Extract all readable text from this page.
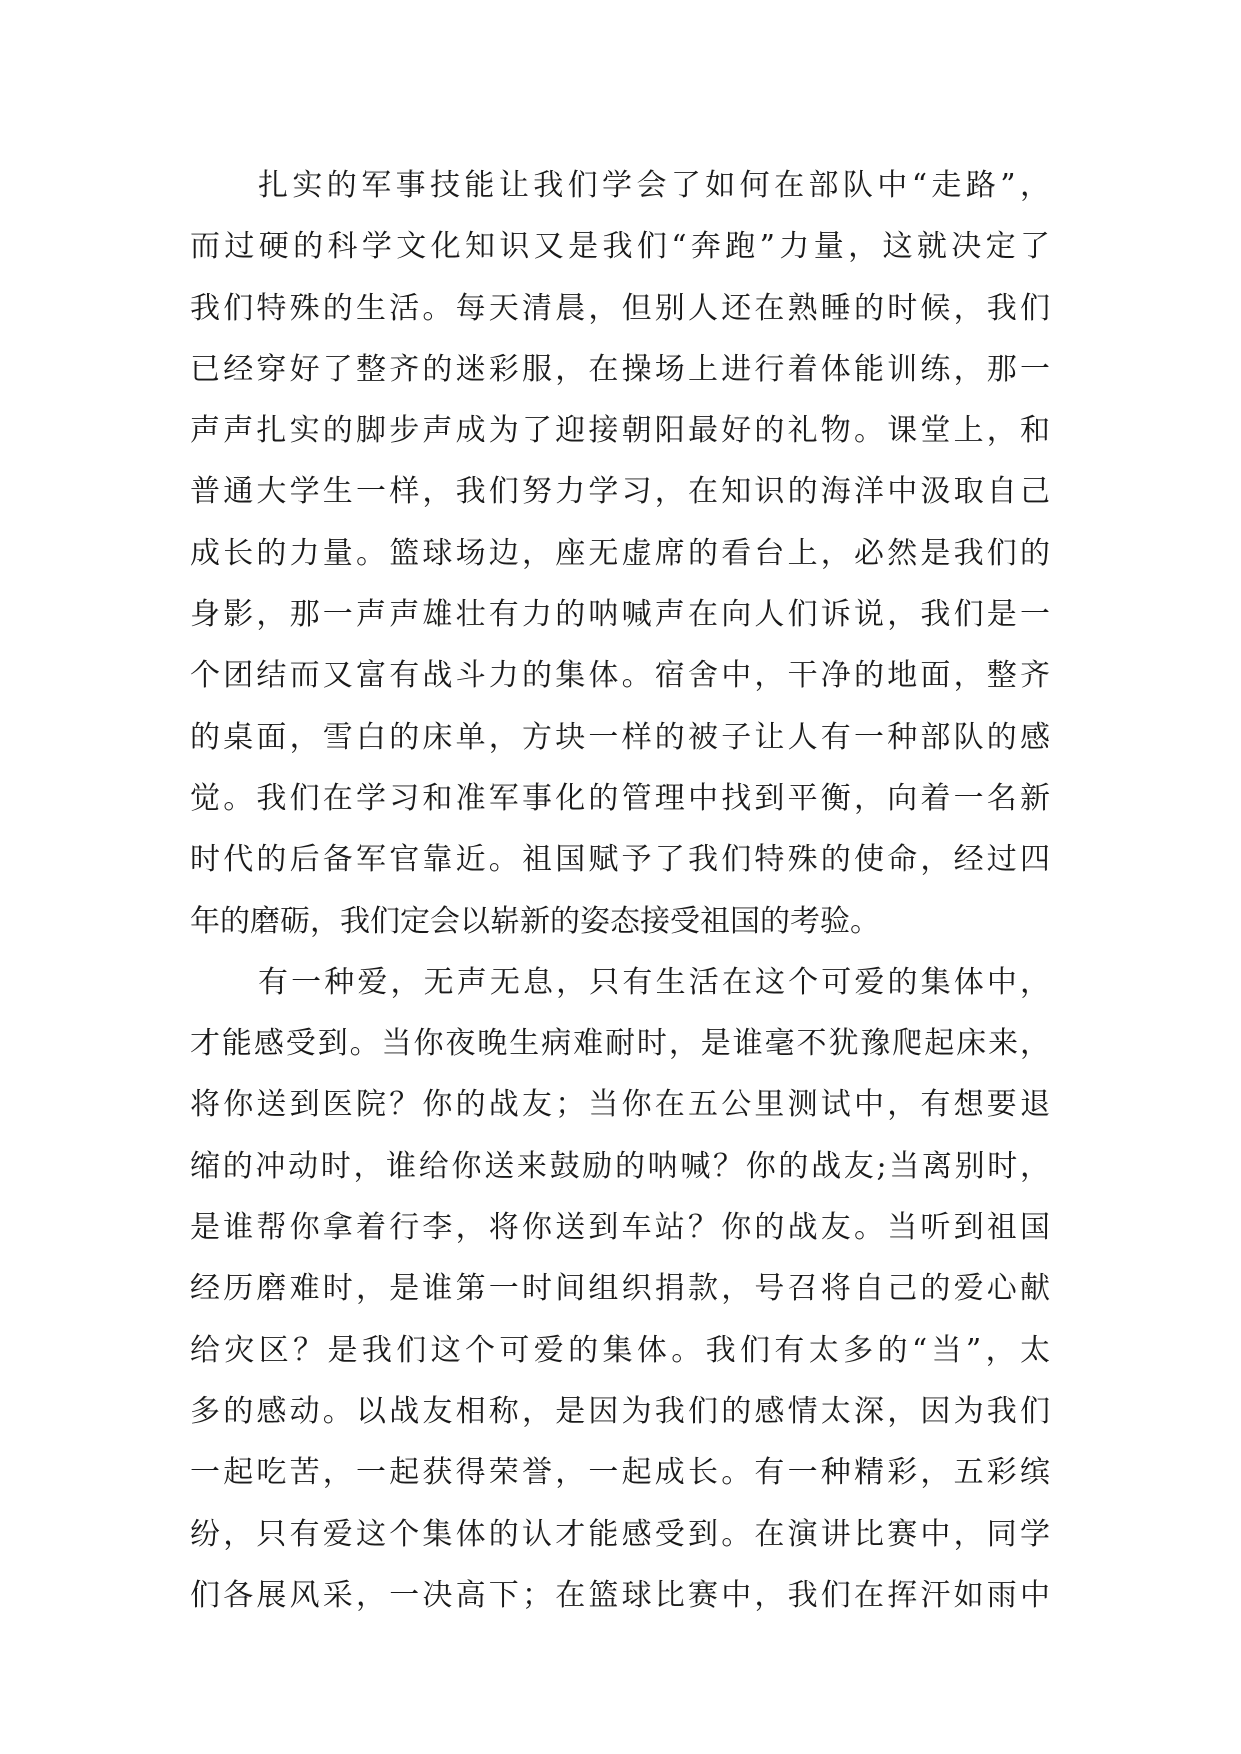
扎实的军事技能让我们学会了如何在部队中“走路”，
而过硬的科学文化知识又是我们“奔跑”力量，这就决定了
我们特殊的生活。每天清晨，但别人还在熟睡的时候，我们
已经穿好了整齐的迷彩服，在操场上进行着体能训练，那一
声声扎实的脚步声成为了迎接朝阳最好的礼物。课堂上，和
普通大学生一样，我们努力学习，在知识的海洋中汲取自己
成长的力量。篮球场边，座无虚席的看台上，必然是我们的
身影，那一声声雄壮有力的呐喊声在向人们诉说，我们是一
个团结而又富有战斗力的集体。宿舍中，干净的地面，整齐
的桌面，雪白的床单，方块一样的被子让人有一种部队的感
觉。我们在学习和准军事化的管理中找到平衡，向着一名新
时代的后备军官靠近。祖国赋予了我们特殊的使命，经过四
年的磨砺，我们定会以崭新的姿态接受祖国的考验。
有一种爱，无声无息，只有生活在这个可爱的集体中，
才能感受到。当你夜晚生病难耐时，是谁毫不犹豫爬起床来，
将你送到医院？你的战友；当你在五公里测试中，有想要退
缩的冲动时，谁给你送来鼓励的呐喊？你的战友;当离别时，
是谁帮你拿着行李，将你送到车站？你的战友。当听到祖国
经历磨难时，是谁第一时间组织捐款，号召将自己的爱心献
给灾区？是我们这个可爱的集体。我们有太多的“当”，太
多的感动。以战友相称，是因为我们的感情太深，因为我们
一起吃苦，一起获得荣誉，一起成长。有一种精彩，五彩缤
纷，只有爱这个集体的认才能感受到。在演讲比赛中，同学
们各展风采，一决高下；在篮球比赛中，我们在挥汗如雨中
